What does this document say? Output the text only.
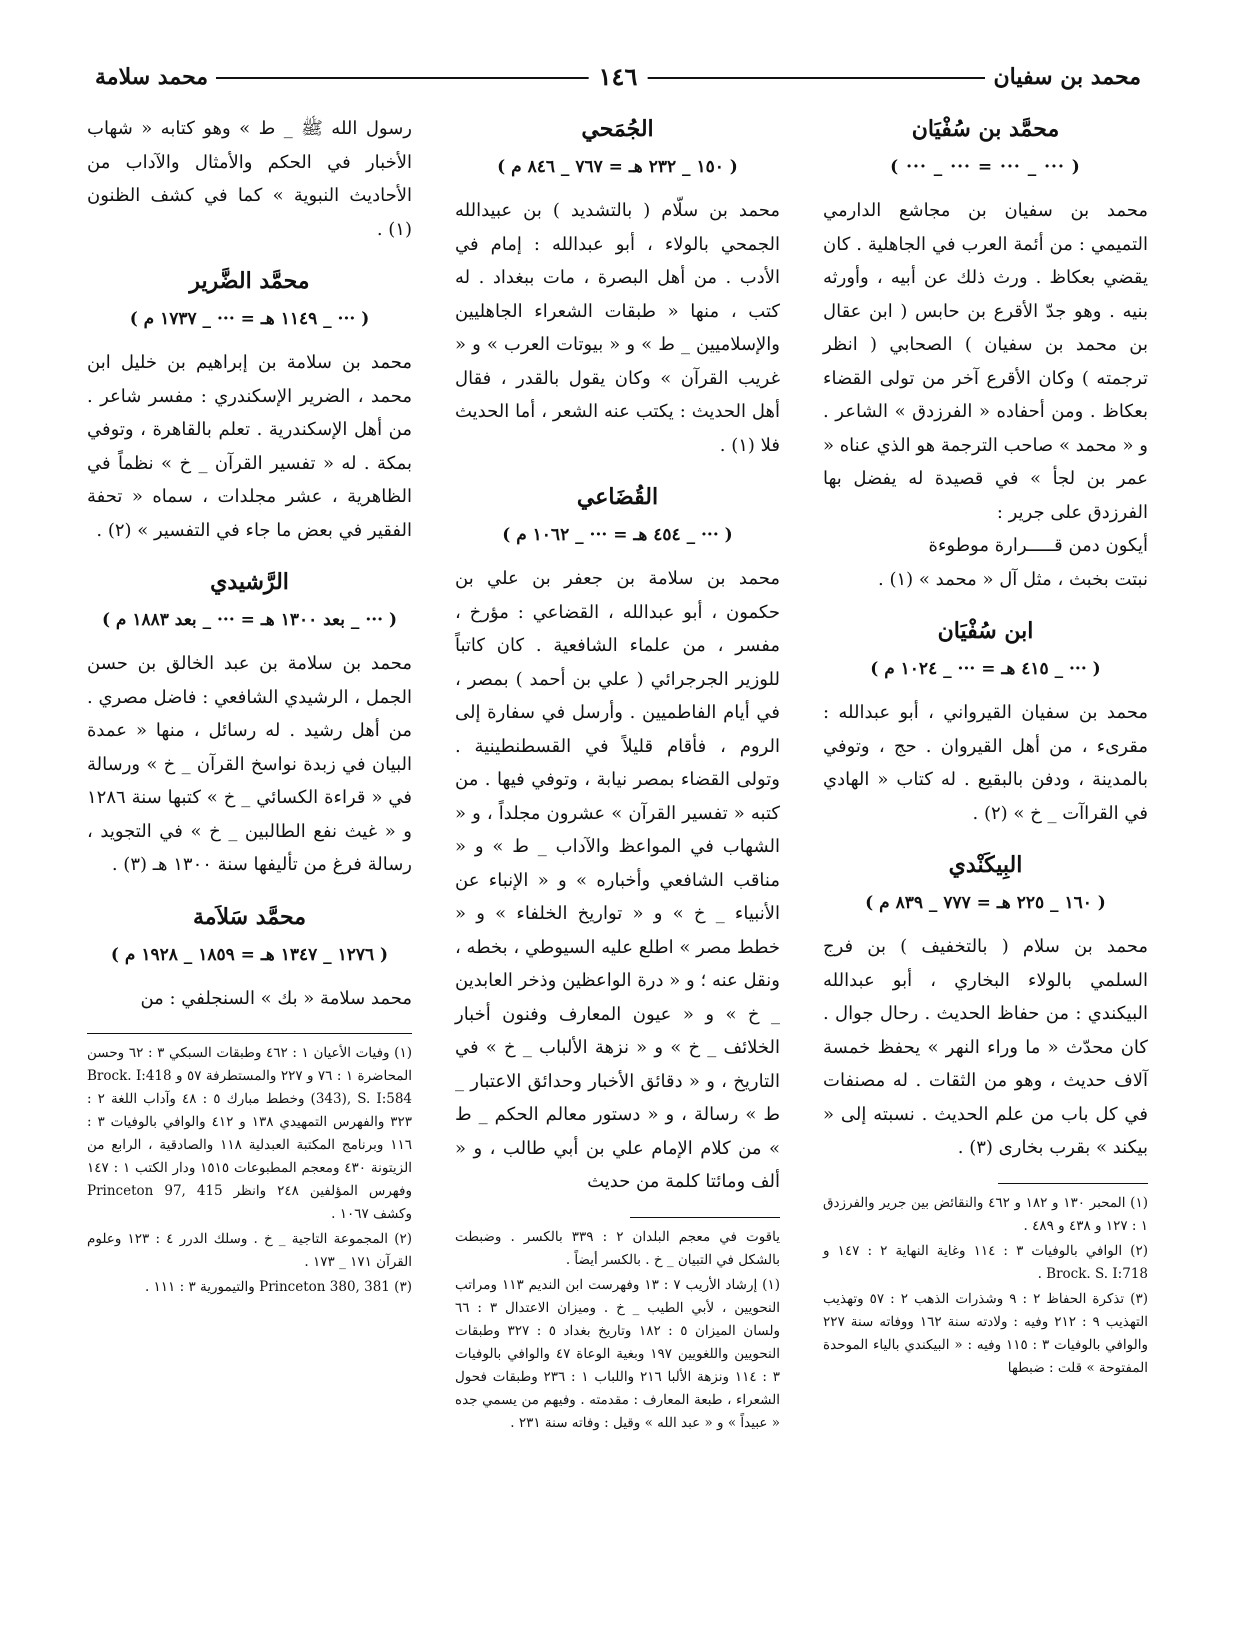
محمد بن سفيان
١٤٦
محمد سلامة
محمَّد بن سُفْيَان
( ··· _ ··· = ··· _ ··· )

محمد بن سفيان بن مجاشع الدارمي التميمي : من أئمة العرب في الجاهلية . كان يقضي بعكاظ . ورث ذلك عن أبيه ، وأورثه بنيه . وهو جدّ الأقرع بن حابس ( ابن عقال بن محمد بن سفيان ) الصحابي ( انظر ترجمته ) وكان الأقرع آخر من تولى القضاء بعكاظ . ومن أحفاده « الفرزدق » الشاعر . و « محمد » صاحب الترجمة هو الذي عناه « عمر بن لجأ » في قصيدة له يفضل بها الفرزدق على جرير :

أيكون دمن قـــــرارة موطوءة
نبتت بخبث ، مثل آل « محمد » (١) .
ابن سُفْيَان
( ··· _ ٤١٥ هـ = ··· _ ١٠٢٤ م )

محمد بن سفيان القيرواني ، أبو عبدالله : مقرىء ، من أهل القيروان . حج ، وتوفي بالمدينة ، ودفن بالبقيع . له كتاب « الهادي في القراآت _ خ » (٢) .

البِيكَنْدي
( ١٦٠ _ ٢٢٥ هـ = ٧٧٧ _ ٨٣٩ م )

محمد بن سلام ( بالتخفيف ) بن فرج السلمي بالولاء البخاري ، أبو عبدالله البيكندي : من حفاظ الحديث . رحال جوال . كان محدّث « ما وراء النهر » يحفظ خمسة آلاف حديث ، وهو من الثقات . له مصنفات في كل باب من علم الحديث . نسبته إلى « بيكند » بقرب بخارى (٣) .

(١) المحبر ١٣٠ و ١٨٢ و ٤٦٢ والنقائض بين جرير والفرزدق ١ : ١٢٧ و ٤٣٨ و ٤٨٩ .
(٢) الوافي بالوفيات ٣ : ١١٤ وغاية النهاية ٢ : ١٤٧ و Brock. S. I:718 .
(٣) تذكرة الحفاظ ٢ : ٩ وشذرات الذهب ٢ : ٥٧ وتهذيب التهذيب ٩ : ٢١٢ وفيه : ولادته سنة ١٦٢ ووفاته سنة ٢٢٧ والوافي بالوفيات ٣ : ١١٥ وفيه : « البيكندي بالياء الموحدة المفتوحة » قلت : ضبطها
الجُمَحي
( ١٥٠ _ ٢٣٢ هـ = ٧٦٧ _ ٨٤٦ م )

محمد بن سلّام ( بالتشديد ) بن عبيدالله الجمحي بالولاء ، أبو عبدالله : إمام في الأدب . من أهل البصرة ، مات ببغداد . له كتب ، منها « طبقات الشعراء الجاهليين والإسلاميين _ ط » و « بيوتات العرب » و « غريب القرآن » وكان يقول بالقدر ، فقال أهل الحديث : يكتب عنه الشعر ، أما الحديث فلا (١) .

القُضَاعي
( ··· _ ٤٥٤ هـ = ··· _ ١٠٦٢ م )

محمد بن سلامة بن جعفر بن علي بن حكمون ، أبو عبدالله ، القضاعي : مؤرخ ، مفسر ، من علماء الشافعية . كان كاتباً للوزير الجرجرائي ( علي بن أحمد ) بمصر ، في أيام الفاطميين . وأرسل في سفارة إلى الروم ، فأقام قليلاً في القسطنطينية . وتولى القضاء بمصر نيابة ، وتوفي فيها . من كتبه « تفسير القرآن » عشرون مجلداً ، و « الشهاب في المواعظ والآداب _ ط » و « مناقب الشافعي وأخباره » و « الإنباء عن الأنبياء _ خ » و « تواريخ الخلفاء » و « خطط مصر » اطلع عليه السيوطي ، بخطه ، ونقل عنه ؛ و « درة الواعظين وذخر العابدين _ خ » و « عيون المعارف وفنون أخبار الخلائف _ خ » و « نزهة الألباب _ خ » في التاريخ ، و « دقائق الأخبار وحدائق الاعتبار _ ط » رسالة ، و « دستور معالم الحكم _ ط » من كلام الإمام علي بن أبي طالب ، و « ألف ومائتا كلمة من حديث

ياقوت في معجم البلدان ٢ : ٣٣٩ بالكسر . وضبطت بالشكل في التبيان _ خ . بالكسر أيضاً .
(١) إرشاد الأريب ٧ : ١٣ وفهرست ابن النديم ١١٣ ومراتب النحويين ، لأبي الطيب _ خ . وميزان الاعتدال ٣ : ٦٦ ولسان الميزان ٥ : ١٨٢ وتاريخ بغداد ٥ : ٣٢٧ وطبقات النحويين واللغويين ١٩٧ وبغية الوعاة ٤٧ والوافي بالوفيات ٣ : ١١٤ ونزهة الألبا ٢١٦ واللباب ١ : ٢٣٦ وطبقات فحول الشعراء ، طبعة المعارف : مقدمته . وفيهم من يسمي جده « عبيداً » و « عبد الله » وقيل : وفاته سنة ٢٣١ .

رسول الله ﷺ _ ط » وهو كتابه « شهاب الأخبار في الحكم والأمثال والآداب من الأحاديث النبوية » كما في كشف الظنون (١) .

محمَّد الضَّرير
( ··· _ ١١٤٩ هـ = ··· _ ١٧٣٧ م )

محمد بن سلامة بن إبراهيم بن خليل ابن محمد ، الضرير الإسكندري : مفسر شاعر . من أهل الإسكندرية . تعلم بالقاهرة ، وتوفي بمكة . له « تفسير القرآن _ خ » نظماً في الظاهرية ، عشر مجلدات ، سماه « تحفة الفقير في بعض ما جاء في التفسير » (٢) .

الرَّشيدي
( ··· _ بعد ١٣٠٠ هـ = ··· _ بعد ١٨٨٣ م )

محمد بن سلامة بن عبد الخالق بن حسن الجمل ، الرشيدي الشافعي : فاضل مصري . من أهل رشيد . له رسائل ، منها « عمدة البيان في زبدة نواسخ القرآن _ خ » ورسالة في « قراءة الكسائي _ خ » كتبها سنة ١٢٨٦ و « غيث نفع الطالبين _ خ » في التجويد ، رسالة فرغ من تأليفها سنة ١٣٠٠ هـ (٣) .

محمَّد سَلاَمة
( ١٢٧٦ _ ١٣٤٧ هـ = ١٨٥٩ _ ١٩٢٨ م )

محمد سلامة « بك » السنجلفي : من

(١) وفيات الأعيان ١ : ٤٦٢ وطبقات السبكي ٣ : ٦٢ وحسن المحاضرة ١ : ٧٦ و ٢٢٧ والمستطرفة ٥٧ و Brock. I:418 (343), S. I:584 وخطط مبارك ٥ : ٤٨ وآداب اللغة ٢ : ٣٢٣ والفهرس التمهيدي ١٣٨ و ٤١٢ والوافي بالوفيات ٣ : ١١٦ وبرنامج المكتبة العبدلية ١١٨ والصادقية ، الرابع من الزيتونة ٤٣٠ ومعجم المطبوعات ١٥١٥ ودار الكتب ١ : ١٤٧ وفهرس المؤلفين ٢٤٨ وانظر Princeton 97, 415 وكشف ١٠٦٧ .
(٢) المجموعة التاجية _ خ . وسلك الدرر ٤ : ١٢٣ وعلوم القرآن ١٧١ _ ١٧٣ .
(٣) Princeton 380, 381 والتيمورية ٣ : ١١١ .
